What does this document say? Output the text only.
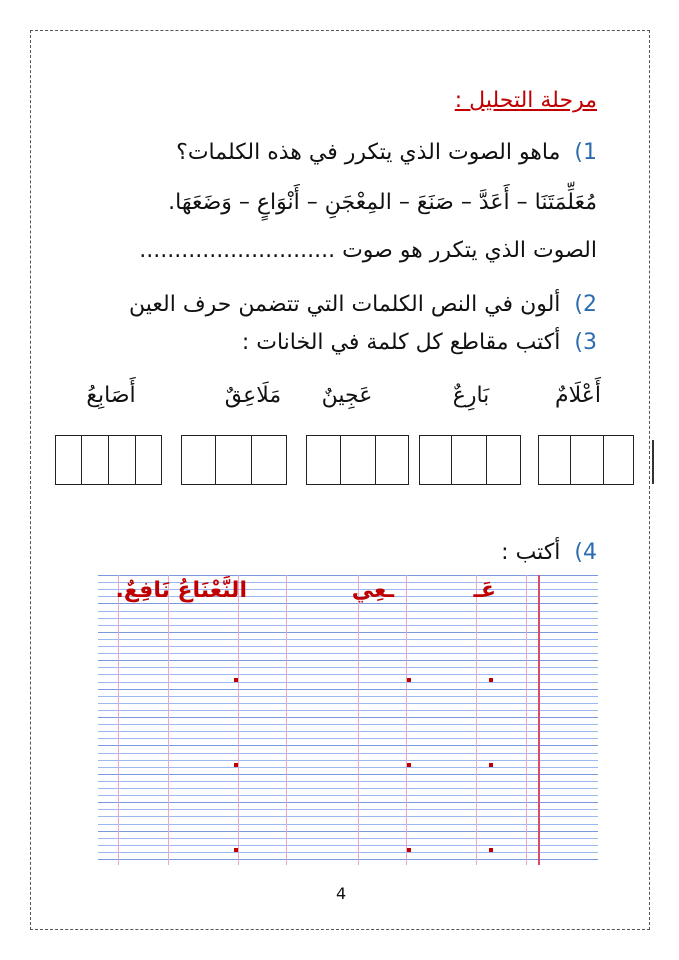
مرحلة التحليل :
1)ماهو الصوت الذي يتكرر في هذه الكلمات؟
مُعَلِّمَتَنَا – أَعَدَّ – صَنَعَ – المِعْجَنِ – أَنْوَاعٍ – وَضَعَهَا.
الصوت الذي يتكرر هو صوت ............................
2)ألون في النص الكلمات التي تتضمن حرف العين
3)أكتب مقاطع كل كلمة في الخانات :
أَعْلَامٌ
بَارِعٌ
عَجِينٌ
مَلَاعِقٌ
أَصَابِعُ
4)أكتب :
عَـ
ـعِي
النَّعْنَاعُ نَافِعٌ.
4
